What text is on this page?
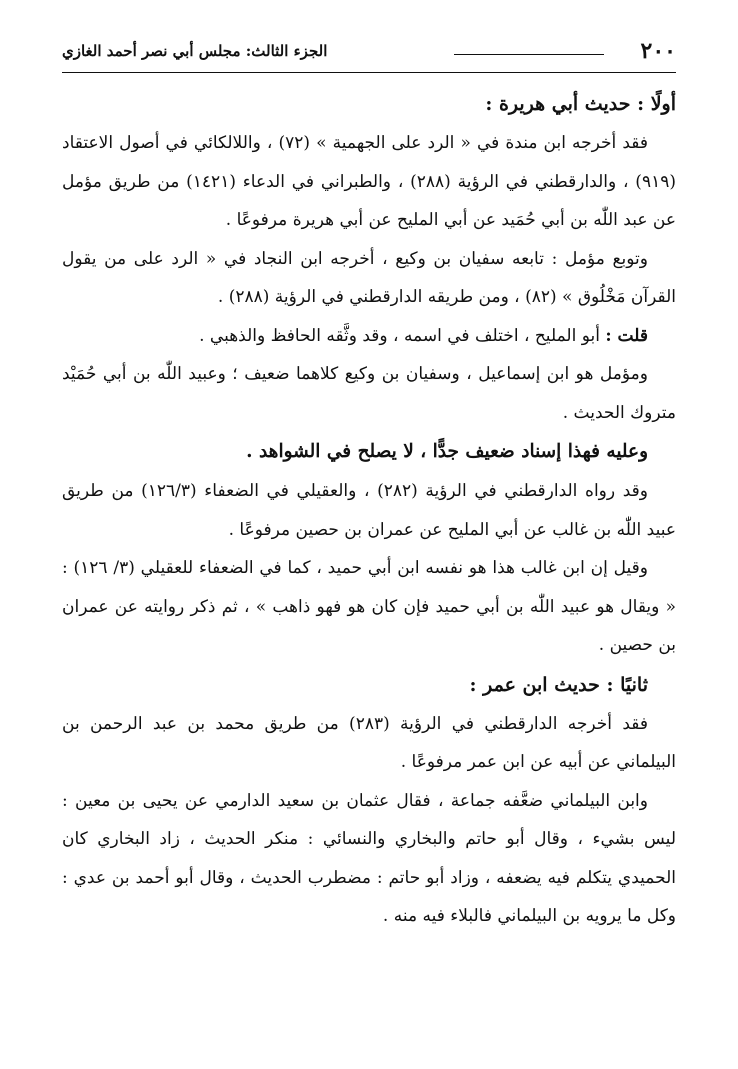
٢٠٠
الجزء الثالث: مجلس أبي نصر أحمد الغازي

أولًا : حديث أبي هريرة :

فقد أخرجه ابن مندة في « الرد على الجهمية » (٧٢) ، واللالكائي في أصول الاعتقاد (٩١٩) ، والدارقطني في الرؤية (٢٨٨) ، والطبراني في الدعاء (١٤٢١) من طريق مؤمل عن عبد اللّٰه بن أبي حُمَيد عن أبي المليح عن أبي هريرة مرفوعًا .

وتوبع مؤمل : تابعه سفيان بن وكيع ، أخرجه ابن النجاد في « الرد على من يقول القرآن مَخْلُوق » (٨٢) ، ومن طريقه الدارقطني في الرؤية (٢٨٨) .

قلت : أبو المليح ، اختلف في اسمه ، وقد وثَّقه الحافظ والذهبي .

ومؤمل هو ابن إسماعيل ، وسفيان بن وكيع كلاهما ضعيف ؛ وعبيد اللّٰه بن أبي حُمَيْد متروك الحديث .

وعليه فهذا إسناد ضعيف جدًّا ، لا يصلح في الشواهد .

وقد رواه الدارقطني في الرؤية (٢٨٢) ، والعقيلي في الضعفاء (١٢٦/٣) من طريق عبيد اللّٰه بن غالب عن أبي المليح عن عمران بن حصين مرفوعًا .

وقيل إن ابن غالب هذا هو نفسه ابن أبي حميد ، كما في الضعفاء للعقيلي (٣/ ١٢٦) : « ويقال هو عبيد اللّٰه بن أبي حميد فإن كان هو فهو ذاهب » ، ثم ذكر روايته عن عمران بن حصين .

ثانيًا : حديث ابن عمر :

فقد أخرجه الدارقطني في الرؤية (٢٨٣) من طريق محمد بن عبد الرحمن بن البيلماني عن أبيه عن ابن عمر مرفوعًا .

وابن البيلماني ضعَّفه جماعة ، فقال عثمان بن سعيد الدارمي عن يحيى بن معين : ليس بشيء ، وقال أبو حاتم والبخاري والنسائي : منكر الحديث ، زاد البخاري كان الحميدي يتكلم فيه يضعفه ، وزاد أبو حاتم : مضطرب الحديث ، وقال أبو أحمد بن عدي : وكل ما يرويه بن البيلماني فالبلاء فيه منه .
